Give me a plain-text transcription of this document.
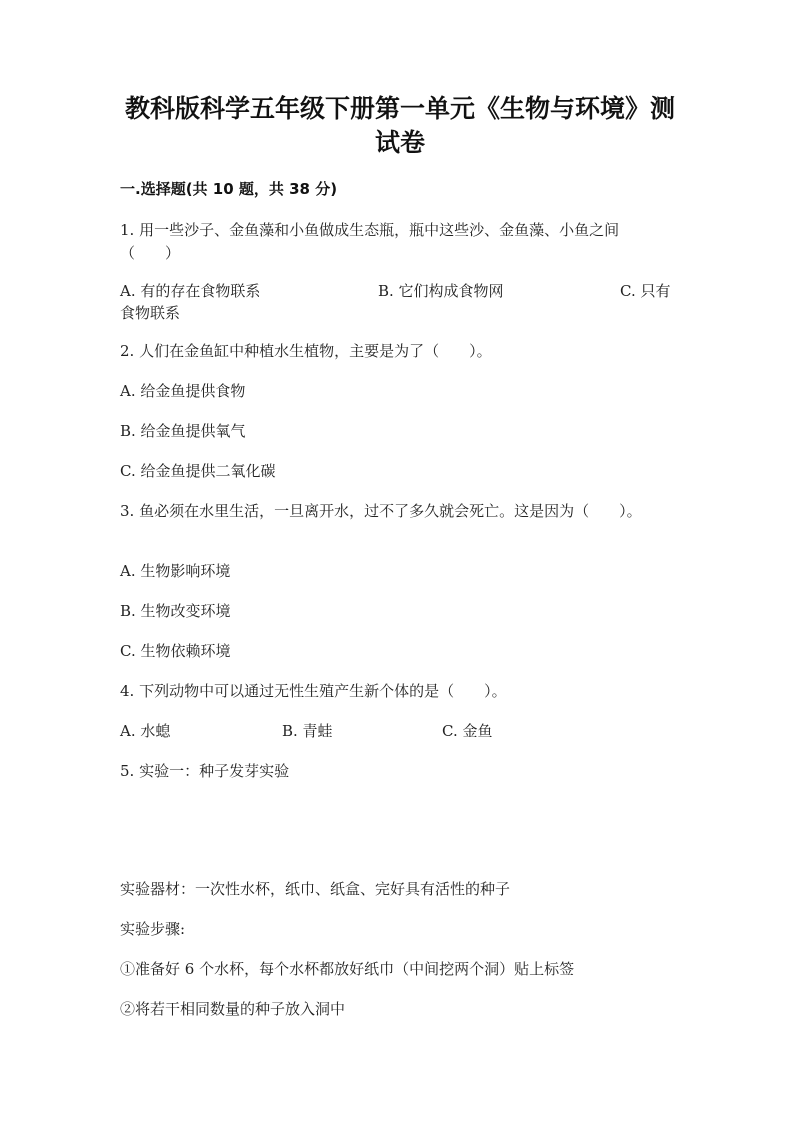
教科版科学五年级下册第一单元《生物与环境》测
试卷
一.选择题(共 10 题，共 38 分)
1. 用一些沙子、金鱼藻和小鱼做成生态瓶，瓶中这些沙、金鱼藻、小鱼之间
（　　）
A. 有的存在食物联系	B. 它们构成食物网	C. 只有
食物联系
2. 人们在金鱼缸中种植水生植物，主要是为了（　　）。
A. 给金鱼提供食物
B. 给金鱼提供氧气
C. 给金鱼提供二氧化碳
3. 鱼必须在水里生活，一旦离开水，过不了多久就会死亡。这是因为（　　）。
A. 生物影响环境
B. 生物改变环境
C. 生物依赖环境
4. 下列动物中可以通过无性生殖产生新个体的是（　　）。
A. 水螅	B. 青蛙	C. 金鱼
5. 实验一：种子发芽实验
实验器材：一次性水杯，纸巾、纸盒、完好具有活性的种子
实验步骤:
①准备好 6 个水杯，每个水杯都放好纸巾（中间挖两个洞）贴上标签
②将若干相同数量的种子放入洞中
